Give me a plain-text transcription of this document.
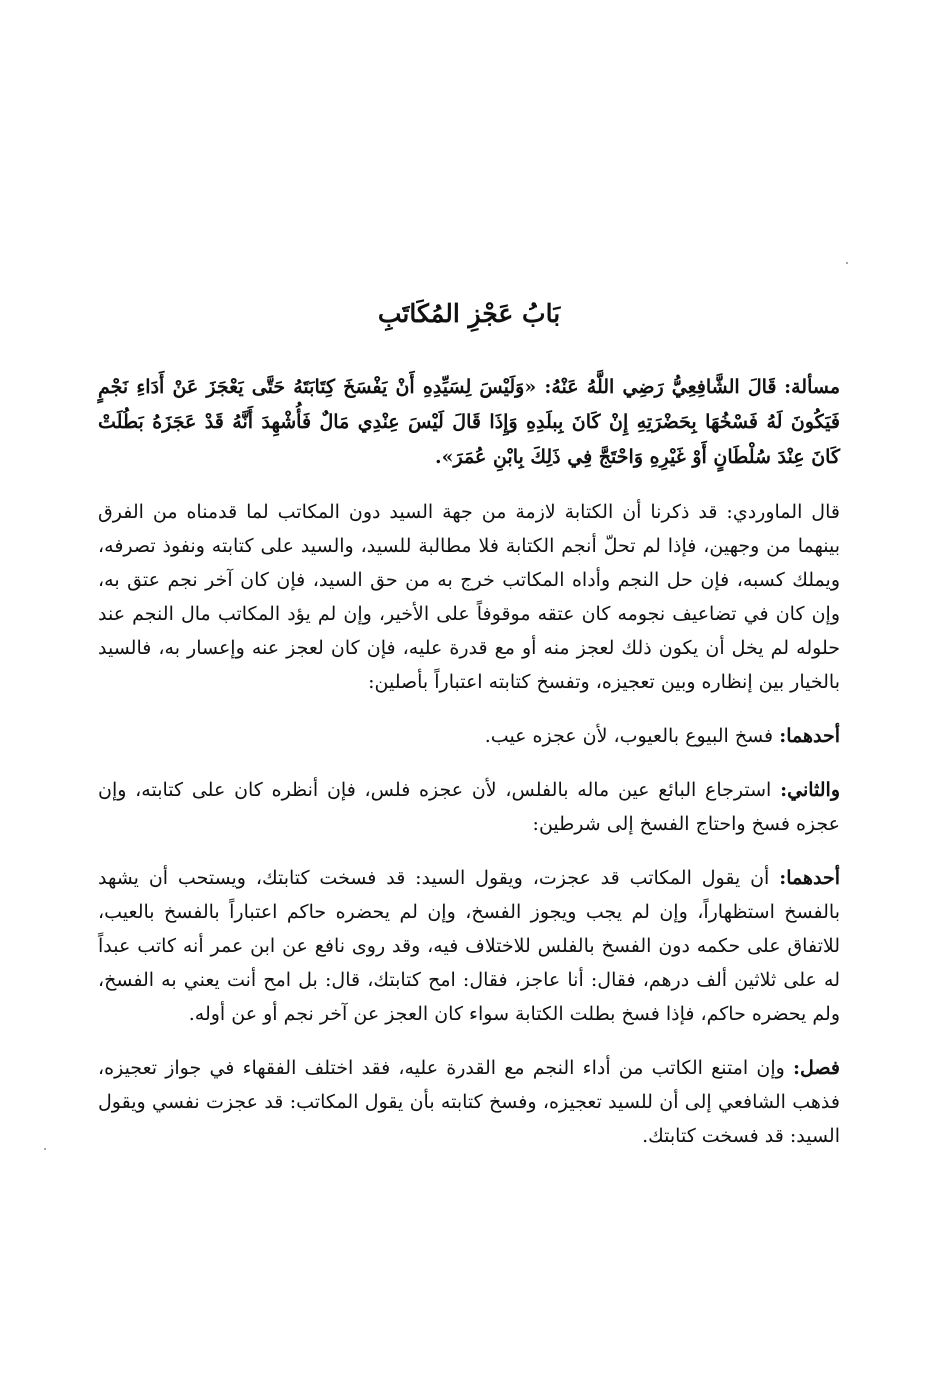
بَابُ عَجْزِ المُكَاتَبِ

مسألة: قَالَ الشَّافِعِيُّ رَضِي اللَّهُ عَنْهُ: «وَلَيْسَ لِسَيِّدِهِ أَنْ يَفْسَخَ كِتَابَتَهُ حَتَّى يَعْجَزَ عَنْ أَدَاءِ نَجْمٍ فَيَكُونَ لَهُ فَسْخُهَا بِحَضْرَتِهِ إِنْ كَانَ بِبلَدِهِ وَإِذَا قَالَ لَيْسَ عِنْدِي مَالٌ فَأُشْهِدَ أَنَّهُ قَدْ عَجَزَهُ بَطُلَتْ كَانَ عِنْدَ سُلْطَانٍ أَوْ غَيْرِهِ وَاحْتَجَّ فِي ذَلِكَ بِابْنِ عُمَرَ».

قال الماوردي: قد ذكرنا أن الكتابة لازمة من جهة السيد دون المكاتب لما قدمناه من الفرق بينهما من وجهين، فإذا لم تحلّ أنجم الكتابة فلا مطالبة للسيد، والسيد على كتابته ونفوذ تصرفه، ويملك كسبه، فإن حل النجم وأداه المكاتب خرج به من حق السيد، فإن كان آخر نجم عتق به، وإن كان في تضاعيف نجومه كان عتقه موقوفاً على الأخير، وإن لم يؤد المكاتب مال النجم عند حلوله لم يخل أن يكون ذلك لعجز منه أو مع قدرة عليه، فإن كان لعجز عنه وإعسار به، فالسيد بالخيار بين إنظاره وبين تعجيزه، وتفسخ كتابته اعتباراً بأصلين:

أحدهما: فسخ البيوع بالعيوب، لأن عجزه عيب.

والثاني: استرجاع البائع عين ماله بالفلس، لأن عجزه فلس، فإن أنظره كان على كتابته، وإن عجزه فسخ واحتاج الفسخ إلى شرطين:

أحدهما: أن يقول المكاتب قد عجزت، ويقول السيد: قد فسخت كتابتك، ويستحب أن يشهد بالفسخ استظهاراً، وإن لم يجب ويجوز الفسخ، وإن لم يحضره حاكم اعتباراً بالفسخ بالعيب، للاتفاق على حكمه دون الفسخ بالفلس للاختلاف فيه، وقد روى نافع عن ابن عمر أنه كاتب عبداً له على ثلاثين ألف درهم، فقال: أنا عاجز، فقال: امح كتابتك، قال: بل امح أنت يعني به الفسخ، ولم يحضره حاكم، فإذا فسخ بطلت الكتابة سواء كان العجز عن آخر نجم أو عن أوله.

فصل: وإن امتنع الكاتب من أداء النجم مع القدرة عليه، فقد اختلف الفقهاء في جواز تعجيزه، فذهب الشافعي إلى أن للسيد تعجيزه، وفسخ كتابته بأن يقول المكاتب: قد عجزت نفسي ويقول السيد: قد فسخت كتابتك.
